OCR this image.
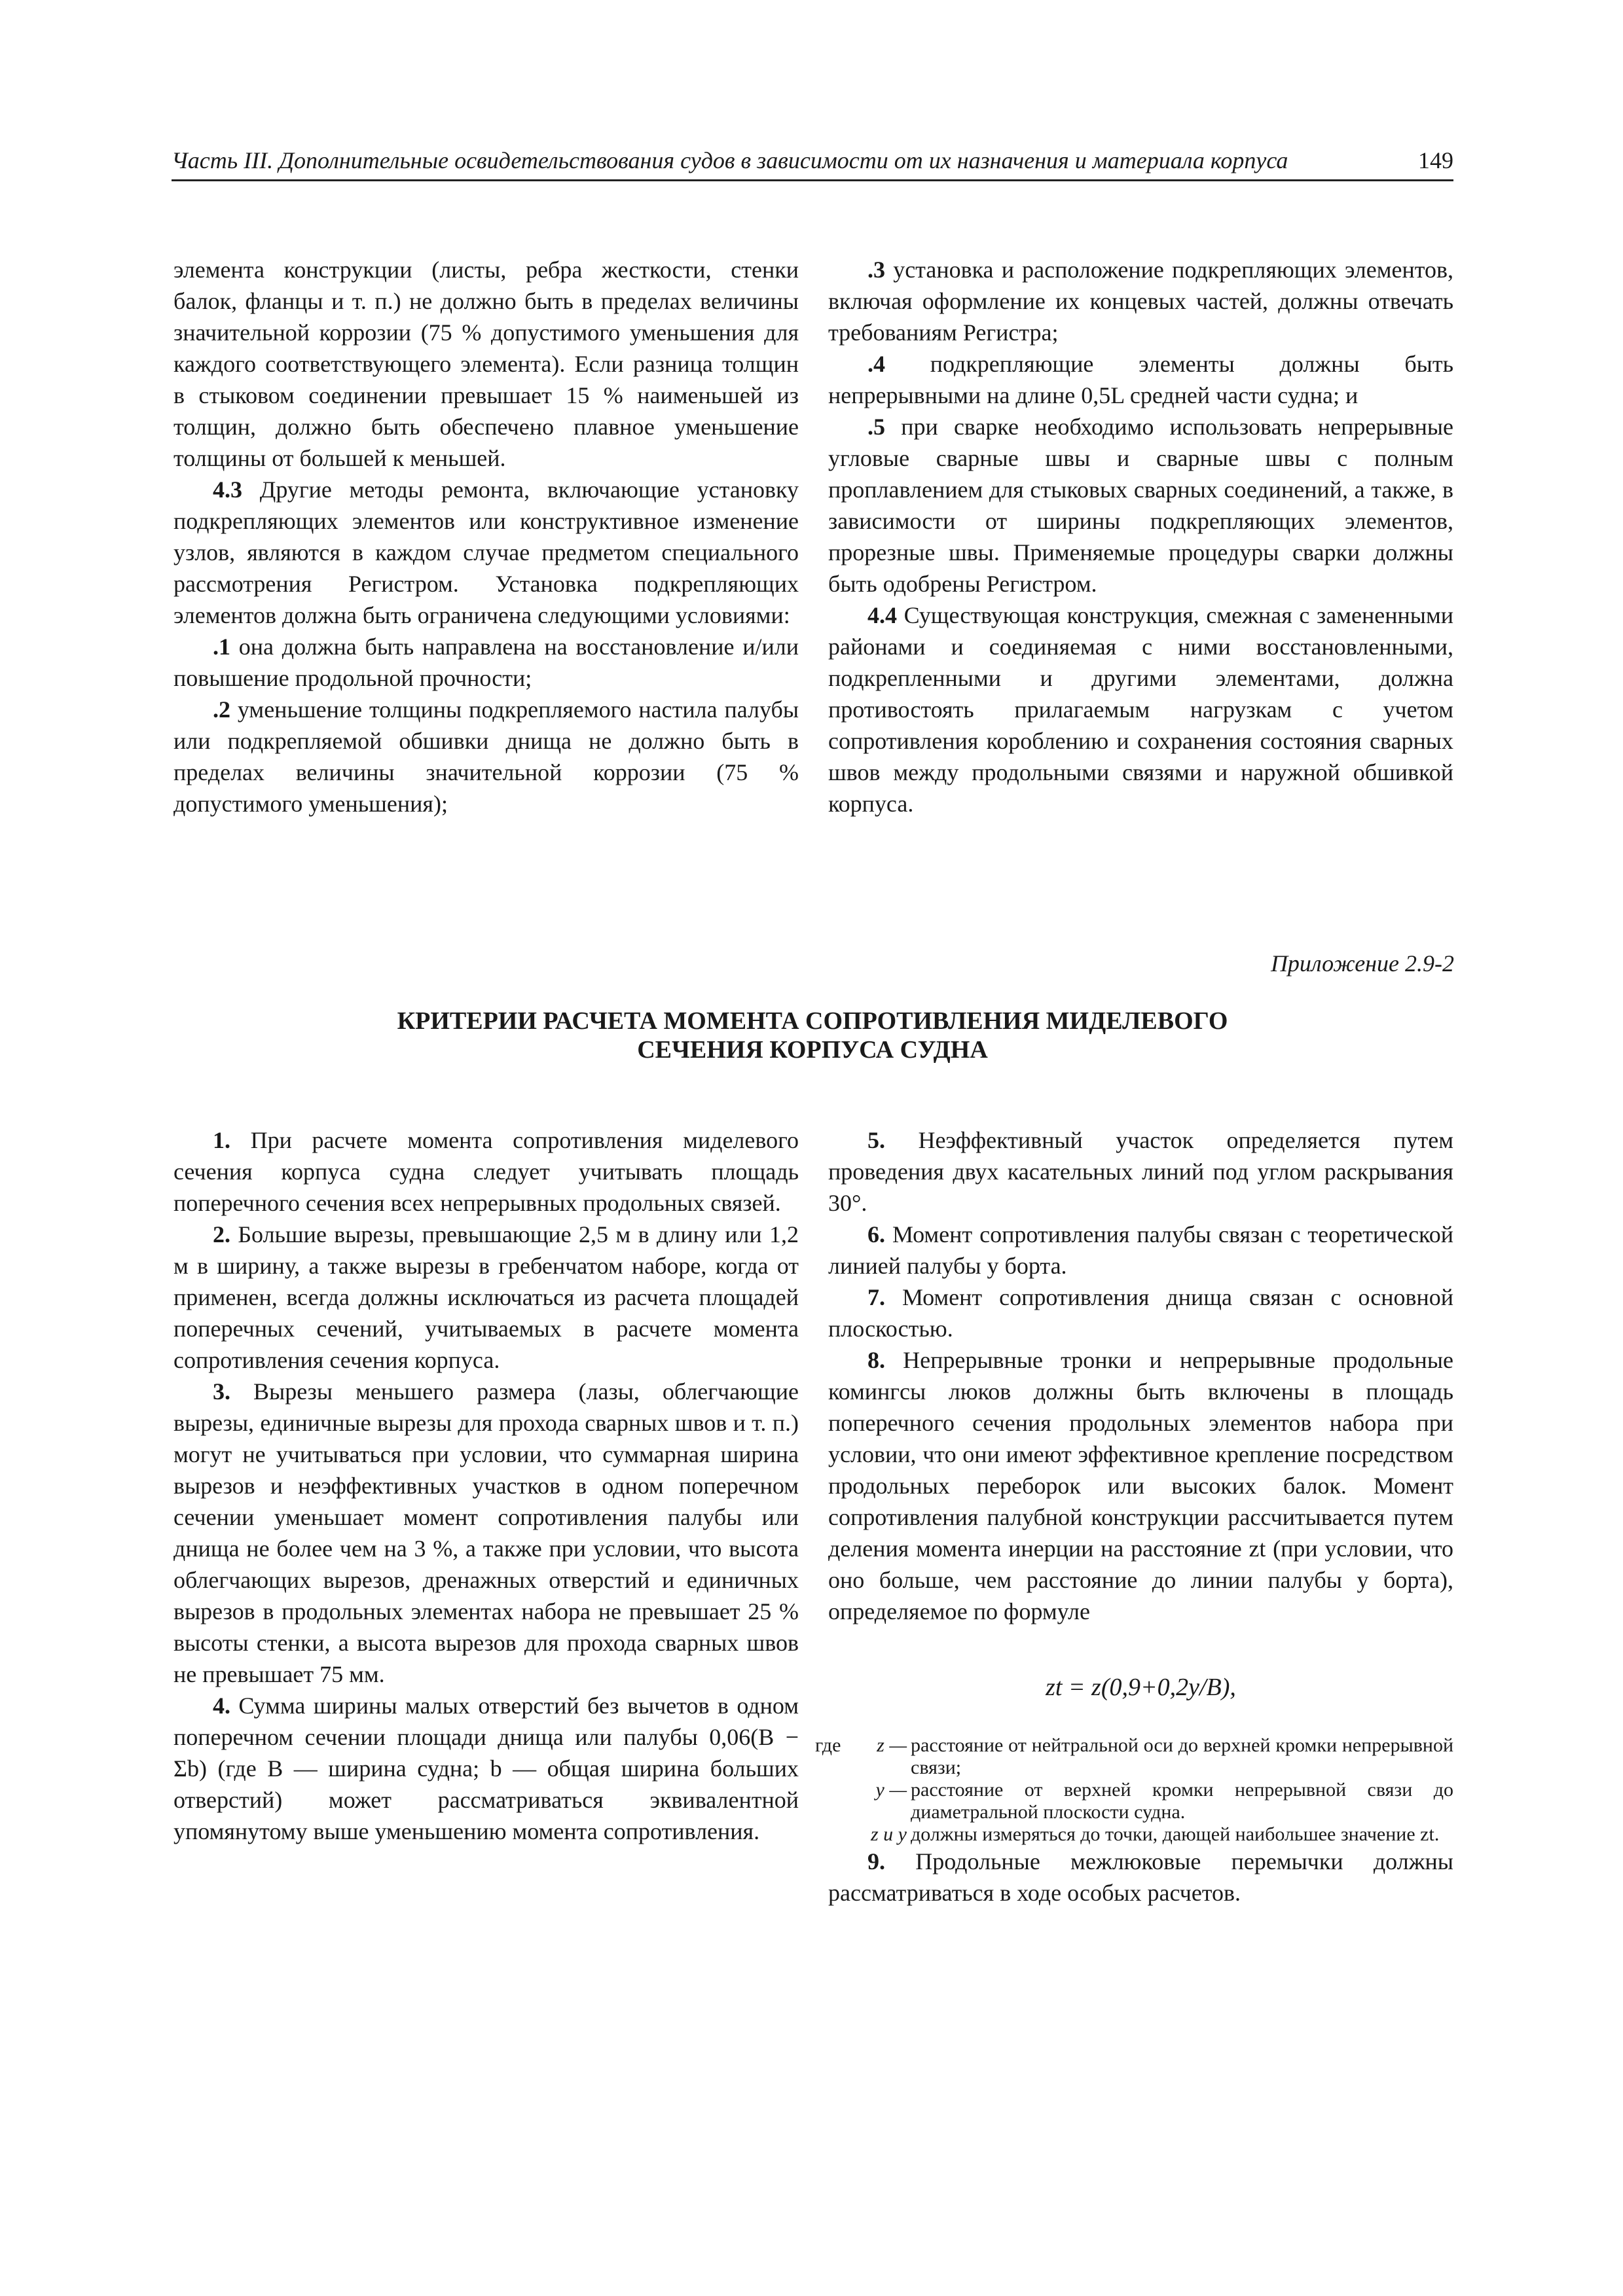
Часть III. Дополнительные освидетельствования судов в зависимости от их назначения и материала корпуса	149

элемента конструкции (листы, ребра жесткости, стенки балок, фланцы и т. п.) не должно быть в пределах величины значительной коррозии (75 % допустимого уменьшения для каждого соответствующего элемента). Если разница толщин в стыковом соединении превышает 15 % наименьшей из толщин, должно быть обеспечено плавное уменьшение толщины от большей к меньшей.

4.3 Другие методы ремонта, включающие установку подкрепляющих элементов или конструктивное изменение узлов, являются в каждом случае предметом специального рассмотрения Регистром. Установка подкрепляющих элементов должна быть ограничена следующими условиями:

.1 она должна быть направлена на восстановление и/или повышение продольной прочности;

.2 уменьшение толщины подкрепляемого настила палубы или подкрепляемой обшивки днища не должно быть в пределах величины значительной коррозии (75 % допустимого уменьшения);

.3 установка и расположение подкрепляющих элементов, включая оформление их концевых частей, должны отвечать требованиям Регистра;

.4 подкрепляющие элементы должны быть непрерывными на длине 0,5L средней части судна; и

.5 при сварке необходимо использовать непрерывные угловые сварные швы и сварные швы с полным проплавлением для стыковых сварных соединений, а также, в зависимости от ширины подкрепляющих элементов, прорезные швы. Применяемые процедуры сварки должны быть одобрены Регистром.

4.4 Существующая конструкция, смежная с замененными районами и соединяемая с ними восстановленными, подкрепленными и другими элементами, должна противостоять прилагаемым нагрузкам с учетом сопротивления короблению и сохранения состояния сварных швов между продольными связями и наружной обшивкой корпуса.

Приложение 2.9-2
КРИТЕРИИ РАСЧЕТА МОМЕНТА СОПРОТИВЛЕНИЯ МИДЕЛЕВОГО
СЕЧЕНИЯ КОРПУСА СУДНА

1. При расчете момента сопротивления миделевого сечения корпуса судна следует учитывать площадь поперечного сечения всех непрерывных продольных связей.

2. Большие вырезы, превышающие 2,5 м в длину или 1,2 м в ширину, а также вырезы в гребенчатом наборе, когда от применен, всегда должны исключаться из расчета площадей поперечных сечений, учитываемых в расчете момента сопротивления сечения корпуса.

3. Вырезы меньшего размера (лазы, облегчающие вырезы, единичные вырезы для прохода сварных швов и т. п.) могут не учитываться при условии, что суммарная ширина вырезов и неэффективных участков в одном поперечном сечении уменьшает момент сопротивления палубы или днища не более чем на 3 %, а также при условии, что высота облегчающих вырезов, дренажных отверстий и единичных вырезов в продольных элементах набора не превышает 25 % высоты стенки, а высота вырезов для прохода сварных швов не превышает 75 мм.

4. Сумма ширины малых отверстий без вычетов в одном поперечном сечении площади днища или палубы 0,06(B − Σb) (где B — ширина судна; b — общая ширина больших отверстий) может рассматриваться эквивалентной упомянутому выше уменьшению момента сопротивления.

5. Неэффективный участок определяется путем проведения двух касательных линий под углом раскрывания 30°.

6. Момент сопротивления палубы связан с теоретической линией палубы у борта.

7. Момент сопротивления днища связан с основной плоскостью.

8. Непрерывные тронки и непрерывные продольные комингсы люков должны быть включены в площадь поперечного сечения продольных элементов набора при условии, что они имеют эффективное крепление посредством продольных переборок или высоких балок. Момент сопротивления палубной конструкции рассчитывается путем деления момента инерции на расстояние zt (при условии, что оно больше, чем расстояние до линии палубы у борта), определяемое по формуле

zt = z(0,9+0,2y/B),
где z — расстояние от нейтральной оси до верхней кромки непрерывной связи;
y — расстояние от верхней кромки непрерывной связи до диаметральной плоскости судна.
z и y должны измеряться до точки, дающей наибольшее значение zt.

9. Продольные межлюковые перемычки должны рассматриваться в ходе особых расчетов.
